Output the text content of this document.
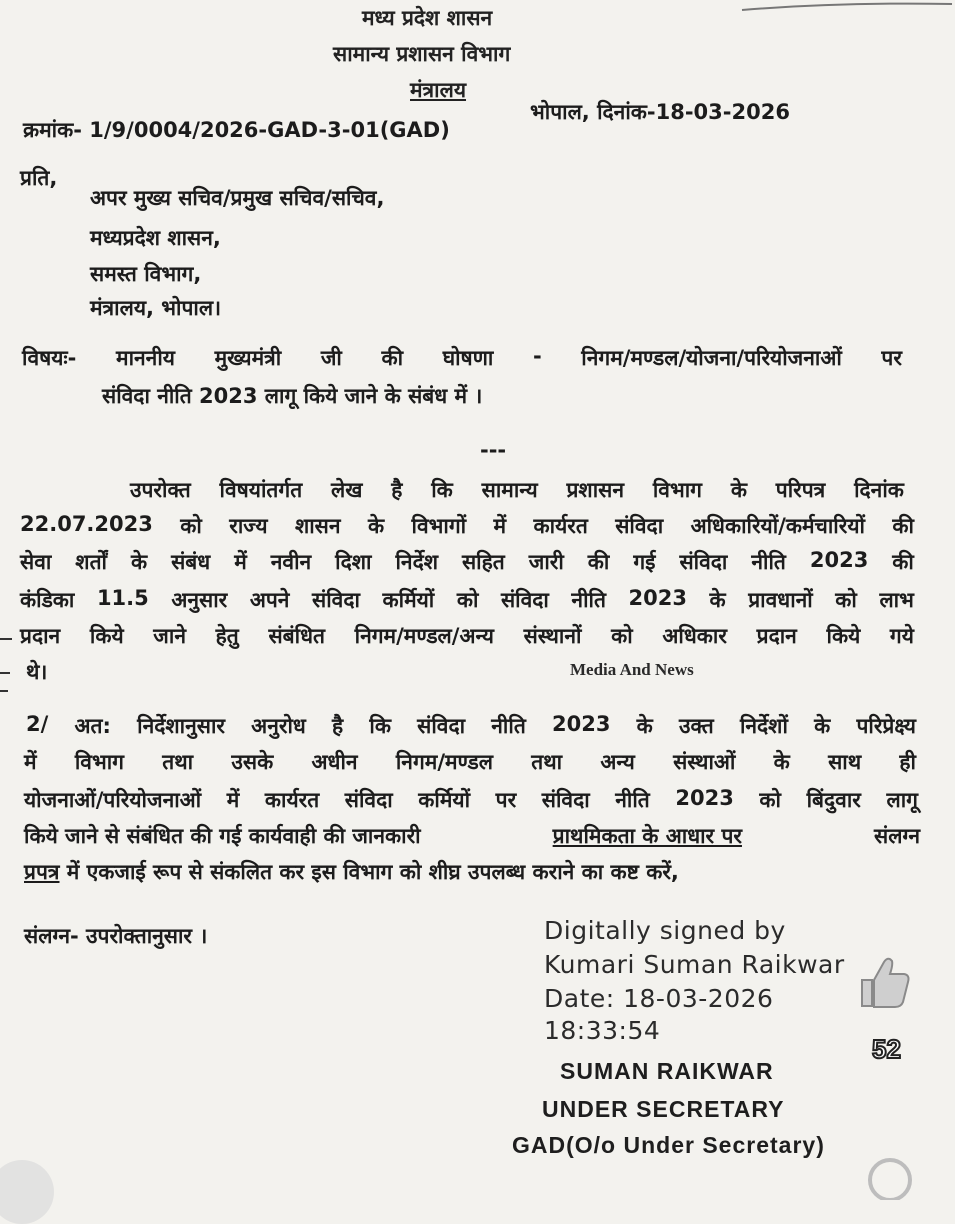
मध्य प्रदेश शासन

सामान्य प्रशासन विभाग

मंत्रालय

क्रमांक- 1/9/0004/2026-GAD-3-01(GAD)

भोपाल, दिनांक-18-03-2026

प्रति,

अपर मुख्य सचिव/प्रमुख सचिव/सचिव,

मध्यप्रदेश शासन,

समस्त विभाग,

मंत्रालय, भोपाल।

विषयः- माननीय मुख्यमंत्री जी की घोषणा - निगम/मण्डल/योजना/परियोजनाओं पर

संविदा नीति 2023 लागू किये जाने के संबंध में ।

---

उपरोक्त विषयांतर्गत लेख है कि सामान्य प्रशासन विभाग के परिपत्र दिनांक
22.07.2023 को राज्य शासन के विभागों में कार्यरत संविदा अधिकारियों/कर्मचारियों की
सेवा शर्तों के संबंध में नवीन दिशा निर्देश सहित जारी की गई संविदा नीति 2023 की
कंडिका 11.5 अनुसार अपने संविदा कर्मियों को संविदा नीति 2023 के प्रावधानों को लाभ
प्रदान किये जाने हेतु संबंधित निगम/मण्डल/अन्य संस्थानों को अधिकार प्रदान किये गये

थे।	Media And News

2/ अत: निर्देशानुसार अनुरोध है कि संविदा नीति 2023 के उक्त निर्देशों के परिप्रेक्ष्य
में विभाग तथा उसके अधीन निगम/मण्डल तथा अन्य संस्थाओं के साथ ही
योजनाओं/परियोजनाओं में कार्यरत संविदा कर्मियों पर संविदा नीति 2023 को बिंदुवार लागू
किये जाने से संबंधित की गई कार्यवाही की जानकारी	प्राथमिकता के आधार पर	संलग्न
प्रपत्र में एकजाई रूप से संकलित कर इस विभाग को शीघ्र उपलब्ध कराने का कष्ट करें,

संलग्न- उपरोक्तानुसार ।	Digitally signed by

Kumari Suman Raikwar

Date: 18-03-2026

18:33:54

SUMAN RAIKWAR

UNDER SECRETARY

GAD(O/o Under Secretary)

52
